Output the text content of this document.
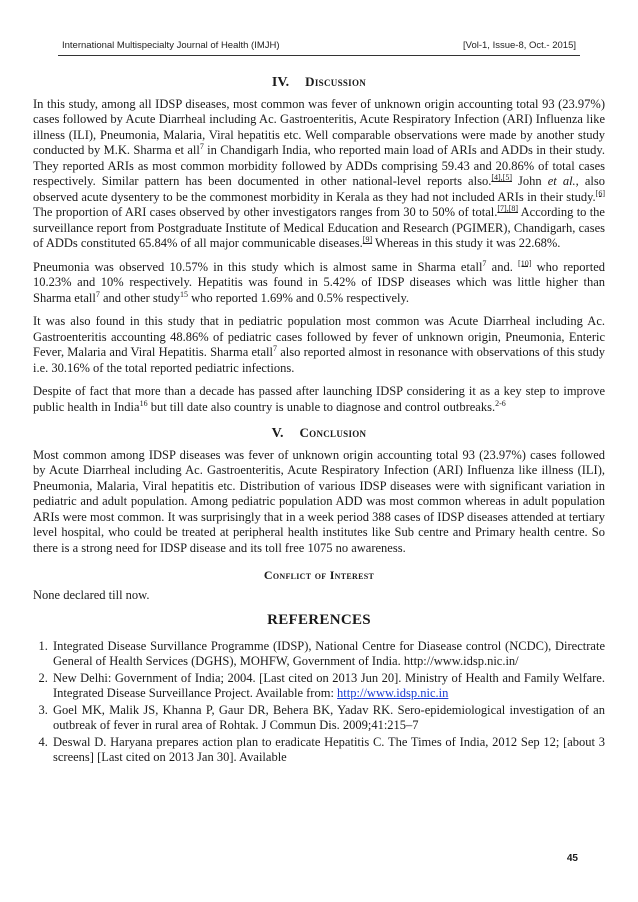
International Multispecialty Journal of Health (IMJH)	[Vol-1, Issue-8, Oct.- 2015]
IV. Discussion

In this study, among all IDSP diseases, most common was fever of unknown origin accounting total 93 (23.97%) cases followed by Acute Diarrheal including Ac. Gastroenteritis, Acute Respiratory Infection (ARI) Influenza like illness (ILI), Pneumonia, Malaria, Viral hepatitis etc. Well comparable observations were made by another study conducted by M.K. Sharma et all$^7$ in Chandigarh India, who reported main load of ARIs and ADDs in their study. They reported ARIs as most common morbidity followed by ADDs comprising 59.43 and 20.86% of total cases respectively. Similar pattern has been documented in other national-level reports also.[4],[5] John et al., also observed acute dysentery to be the commonest morbidity in Kerala as they had not included ARIs in their study.[6] The proportion of ARI cases observed by other investigators ranges from 30 to 50% of total.[7],[8] According to the surveillance report from Postgraduate Institute of Medical Education and Research (PGIMER), Chandigarh, cases of ADDs constituted 65.84% of all major communicable diseases.[9] Whereas in this study it was 22.68%.

Pneumonia was observed 10.57% in this study which is almost same in Sharma etall$^7$ and. [10] who reported 10.23% and 10% respectively. Hepatitis was found in 5.42% of IDSP diseases which was little higher than Sharma etall$^7$ and other study$^{15}$ who reported 1.69% and 0.5% respectively.

It was also found in this study that in pediatric population most common was Acute Diarrheal including Ac. Gastroenteritis accounting 48.86% of pediatric cases followed by fever of unknown origin, Pneumonia, Enteric Fever, Malaria and Viral Hepatitis. Sharma etall$^7$ also reported almost in resonance with observations of this study i.e. 30.16% of the total reported pediatric infections.

Despite of fact that more than a decade has passed after launching IDSP considering it as a key step to improve public health in India$^{16}$ but till date also country is unable to diagnose and control outbreaks.$^{2-6}$

V. Conclusion

Most common among IDSP diseases was fever of unknown origin accounting total 93 (23.97%) cases followed by Acute Diarrheal including Ac. Gastroenteritis, Acute Respiratory Infection (ARI) Influenza like illness (ILI), Pneumonia, Malaria, Viral hepatitis etc. Distribution of various IDSP diseases were with significant variation in pediatric and adult population. Among pediatric population ADD was most common whereas in adult population ARIs were most common. It was surprisingly that in a week period 388 cases of IDSP diseases attended at tertiary level hospital, who could be treated at peripheral health institutes like Sub centre and Primary health centre. So there is a strong need for IDSP disease and its toll free 1075 no awareness.

Conflict of Interest

None declared till now.

REFERENCES
1. Integrated Disease Survillance Programme (IDSP), National Centre for Diasease control (NCDC), Directrate General of Health Services (DGHS), MOHFW, Government of India. http://www.idsp.nic.in/
2. New Delhi: Government of India; 2004. [Last cited on 2013 Jun 20]. Ministry of Health and Family Welfare. Integrated Disease Surveillance Project. Available from: http://www.idsp.nic.in
3. Goel MK, Malik JS, Khanna P, Gaur DR, Behera BK, Yadav RK. Sero-epidemiological investigation of an outbreak of fever in rural area of Rohtak. J Commun Dis. 2009;41:215–7
4. Deswal D. Haryana prepares action plan to eradicate Hepatitis C. The Times of India, 2012 Sep 12; [about 3 screens] [Last cited on 2013 Jan 30]. Available
45
